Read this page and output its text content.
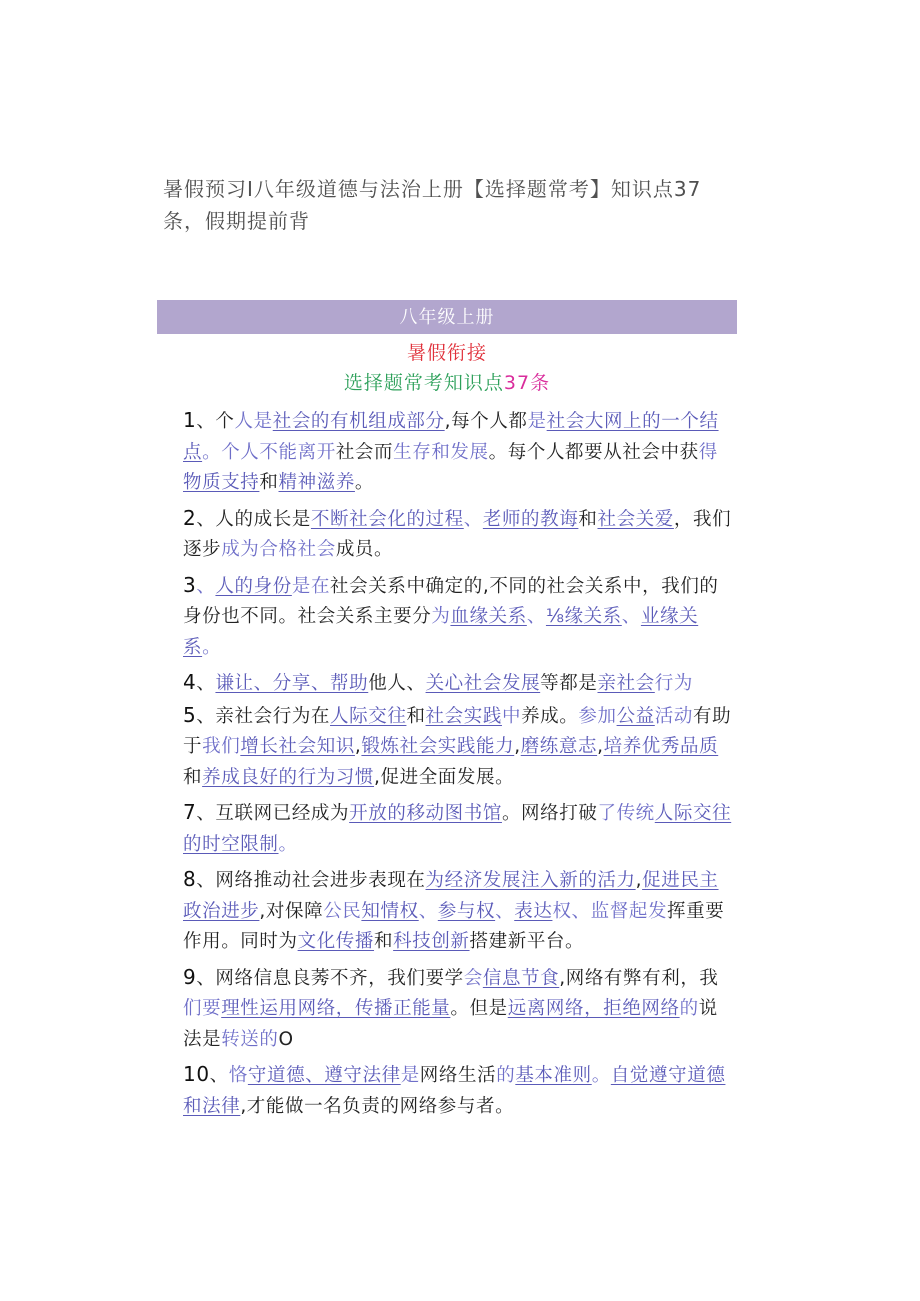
暑假预习I八年级道德与法治上册【选择题常考】知识点37条，假期提前背
八年级上册
暑假衔接
选择题常考知识点37条

1、个人是社会的有机组成部分,每个人都是社会大网上的一个结点。个人不能离开社会而生存和发展。每个人都要从社会中获得物质支持和精神滋养。

2、人的成长是不断社会化的过程、老师的教诲和社会关爱，我们逐步成为合格社会成员。

3、人的身份是在社会关系中确定的,不同的社会关系中，我们的身份也不同。社会关系主要分为血缘关系、⅛缘关系、业缘关系。

4、谦让、分享、帮助他人、关心社会发展等都是亲社会行为

5、亲社会行为在人际交往和社会实践中养成。参加公益活动有助于我们增长社会知识,锻炼社会实践能力,磨练意志,培养优秀品质和养成良好的行为习惯,促进全面发展。

7、互联网已经成为开放的移动图书馆。网络打破了传统人际交往的时空限制。

8、网络推动社会进步表现在为经济发展注入新的活力,促进民主政治进步,对保障公民知情权、参与权、表达权、监督起发挥重要作用。同时为文化传播和科技创新搭建新平台。

9、网络信息良莠不齐，我们要学会信息节食,网络有弊有利，我们要理性运用网络，传播正能量。但是远离网络，拒绝网络的说法是转送的O

10、恪守道德、遵守法律是网络生活的基本准则。自觉遵守道德和法律,才能做一名负责的网络参与者。
